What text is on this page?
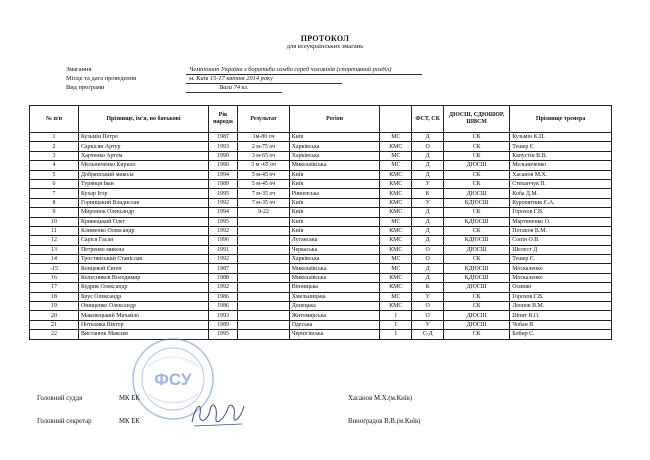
ПРОТОКОЛ
для всеукраїнських змагань
Змагання	Чемпіонат України з боротьби самбо серед чоловіків (спортивний розділ)
Місце та дата проведення	м. Київ 15-17 квітня 2014 року
Вид програми	Вага 74 кг.
№ п/п	Прізвище, ім'я, по батькові	Рік народж	Результат	Регіон		ФСТ, СК	ДЮСШ, СДЮШОР, ШВСМ	Прізвище тренера
1	Кузьмін Петро	1987	1м-80 оч	Київ	МС	Д	СК	Кузьмін К.П.
2	Саркісян Артур	1993	2 м-75 оч	Харківська	КМС	О	СК	Тешер Є
3	Харченко Артем	1990	3 м-65 оч	Харківська	МС	Д	СК	Капустін В.В.
4	Мельниченко Кирило	1990	3 м -65 оч	Миколаївська	МС	Д	ДЮСШ	Мельниченко
5	Добрянський микола	1994	5 м-45 оч	Київ	КМС	Д	СК	Хасанов М.Х.
6	Турянця Іван	1989	5 м-45 оч	Київ	КМС	У	СК	Степанчук П.
7	Кухар Ігор	1995	7 м-35 оч	Рівненська	КМС	К	ДЮСШ	Коба Д.М.
8	Горницький Владислав	1992	7 м-35 оч	Київ	КМС	У	КДЮСШ	Куропятник Є.А.
9	Миронюк Олександр	1994	9-22	Київ	КМС	Д	СК	Горохов Г.В.
10	Кривецький Олег	1995		Київ	МС	Д	КДЮСШ	Мартиненко О.
11	Клименко Олександр	1992		Київ	КМС	Д	СК	Потапов В.М.
12	Саріся Гасан	1996		Луганська	КМС	Д	КДЮСШ	Сопін О.В.
13	Петренко микола	1991		Черкаська	КМС	О	ДЮСШ	Шелест Д
14	Тростянський Станіслав	1992		Харківська	МС	О	СК	Тешер Є.
-15	Концевой Євген	1987		Миколаївська	МС	Д	КДЮСШ	Москаленко
16	Колесников Володимир	1988		Миколаївська	КМС	Д	КДЮСШ	Москаленко
17	Кудрик Олександр	1992		Вінницька	КМС	К	ДЮСШ	Осипян
18	Брус Олександр	1986		Хмельницька	МС	У	СК	Горохов Г.В.
19	Онищенко Олександр	1986		Донецька	КМС	О	СК	Леонов В.М.
20	Маковецький Михайло	1993		Житомирська	І	О	ДЮСШ	Шпит В.О.
21	Потьомка Віктор	1989		Одеська	І	У	ДЮСШ	Чобан В
22	Вистанюк Максим	1995		Чернігівська	І	С-Д	СК	Бобир С.
ФСУ
Головний суддя	МК ЕК	Хасанов М.Х.(м.Київ)
Головний секретар	МК ЕК	Виноградов В.В.(м.Київ)
